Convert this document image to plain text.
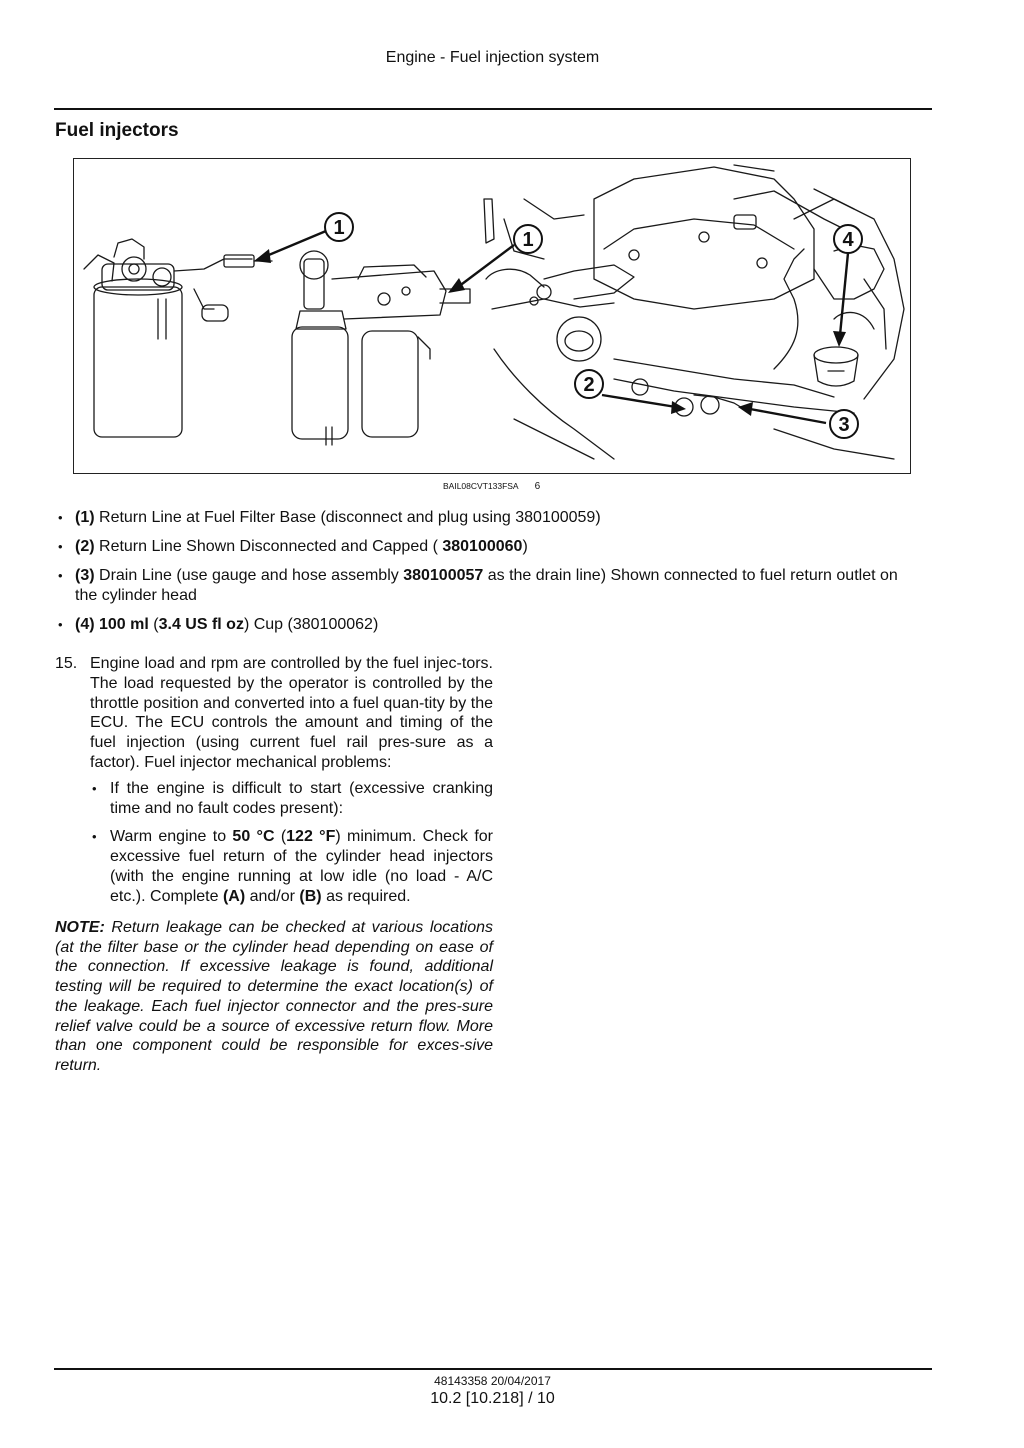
Engine - Fuel injection system
Fuel injectors
1
1
2
3
4
BAIL08CVT133FSA 6
• (1) Return Line at Fuel Filter Base (disconnect and plug using 380100059)
• (2) Return Line Shown Disconnected and Capped ( 380100060)
• (3) Drain Line (use gauge and hose assembly 380100057 as the drain line) Shown connected to fuel return outlet on the cylinder head
• (4) 100 ml (3.4 US fl oz) Cup (380100062)
15. Engine load and rpm are controlled by the fuel injec-tors. The load requested by the operator is controlled by the throttle position and converted into a fuel quan-tity by the ECU. The ECU controls the amount and timing of the fuel injection (using current fuel rail pres-sure as a factor). Fuel injector mechanical problems:
• If the engine is difficult to start (excessive cranking time and no fault codes present):
• Warm engine to 50 °C (122 °F) minimum. Check for excessive fuel return of the cylinder head injectors (with the engine running at low idle (no load - A/C etc.). Complete (A) and/or (B) as required.
NOTE: Return leakage can be checked at various locations (at the filter base or the cylinder head depending on ease of the connection. If excessive leakage is found, additional testing will be required to determine the exact location(s) of the leakage. Each fuel injector connector and the pres-sure relief valve could be a source of excessive return flow. More than one component could be responsible for exces-sive return.
48143358 20/04/2017
10.2 [10.218] / 10
